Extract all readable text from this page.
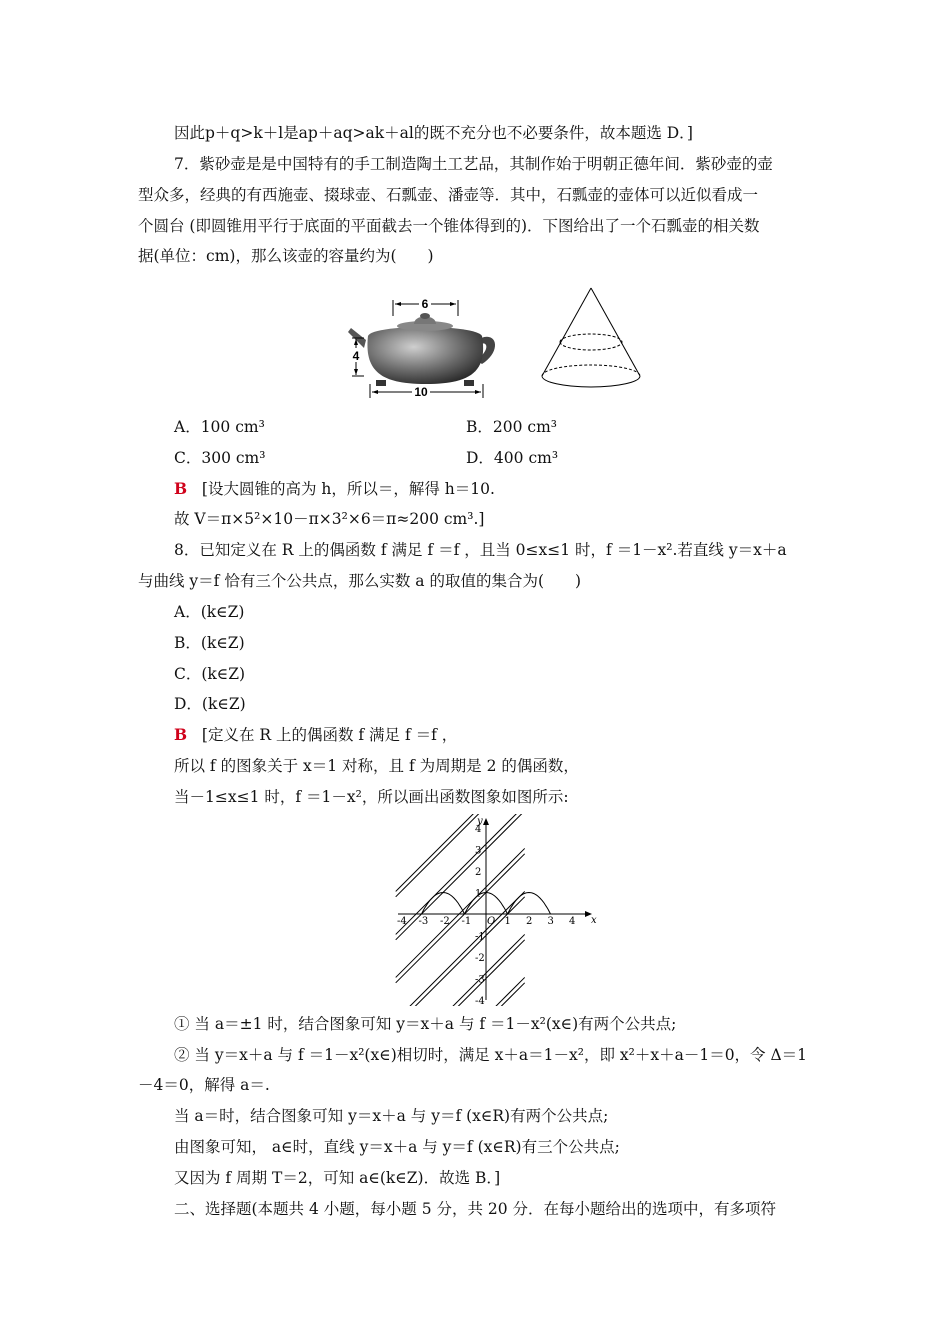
因此p＋q>k＋l是ap＋aq>ak＋al的既不充分也不必要条件，故本题选 D．]
7．紫砂壶是是中国特有的手工制造陶土工艺品，其制作始于明朝正德年间．紫砂壶的壶
型众多，经典的有西施壶、掇球壶、石瓢壶、潘壶等．其中，石瓢壶的壶体可以近似看成一
个圆台 (即圆锥用平行于底面的平面截去一个锥体得到的)．下图给出了一个石瓢壶的相关数
据(单位：cm)，那么该壶的容量约为(　　)
6
4
10
A．100 cm³	B．200 cm³
C．300 cm³	D．400 cm³
B [设大圆锥的高为 h，所以＝，解得 h＝10.
故 V＝π×5²×10－π×3²×6＝π≈200 cm³.]
8．已知定义在 R 上的偶函数 f 满足 f ＝f ，且当 0≤x≤1 时，f ＝1－x².若直线 y＝x＋a
与曲线 y＝f 恰有三个公共点，那么实数 a 的取值的集合为(　　)
A．(k∈Z)
B．(k∈Z)
C．(k∈Z)
D．(k∈Z)
B [定义在 R 上的偶函数 f 满足 f ＝f ，
所以 f 的图象关于 x＝1 对称，且 f 为周期是 2 的偶函数，
当－1≤x≤1 时，f ＝1－x²，所以画出函数图象如图所示:
-4 -3 -2 -1	1 2 3 4
4
3
2
1
-1
-2
-3
-4
x
y
O
① 当 a＝±1 时，结合图象可知 y＝x＋a 与 f ＝1－x²(x∈)有两个公共点;
② 当 y＝x＋a 与 f ＝1－x²(x∈)相切时，满足 x＋a＝1－x²，即 x²＋x＋a－1＝0，令 Δ＝1
－4＝0，解得 a＝.
当 a＝时，结合图象可知 y＝x＋a 与 y＝f (x∈R)有两个公共点;
由图象可知， a∈时，直线 y＝x＋a 与 y＝f (x∈R)有三个公共点;
又因为 f 周期 T＝2，可知 a∈(k∈Z)．故选 B．]
二、选择题(本题共 4 小题，每小题 5 分，共 20 分．在每小题给出的选项中，有多项符
